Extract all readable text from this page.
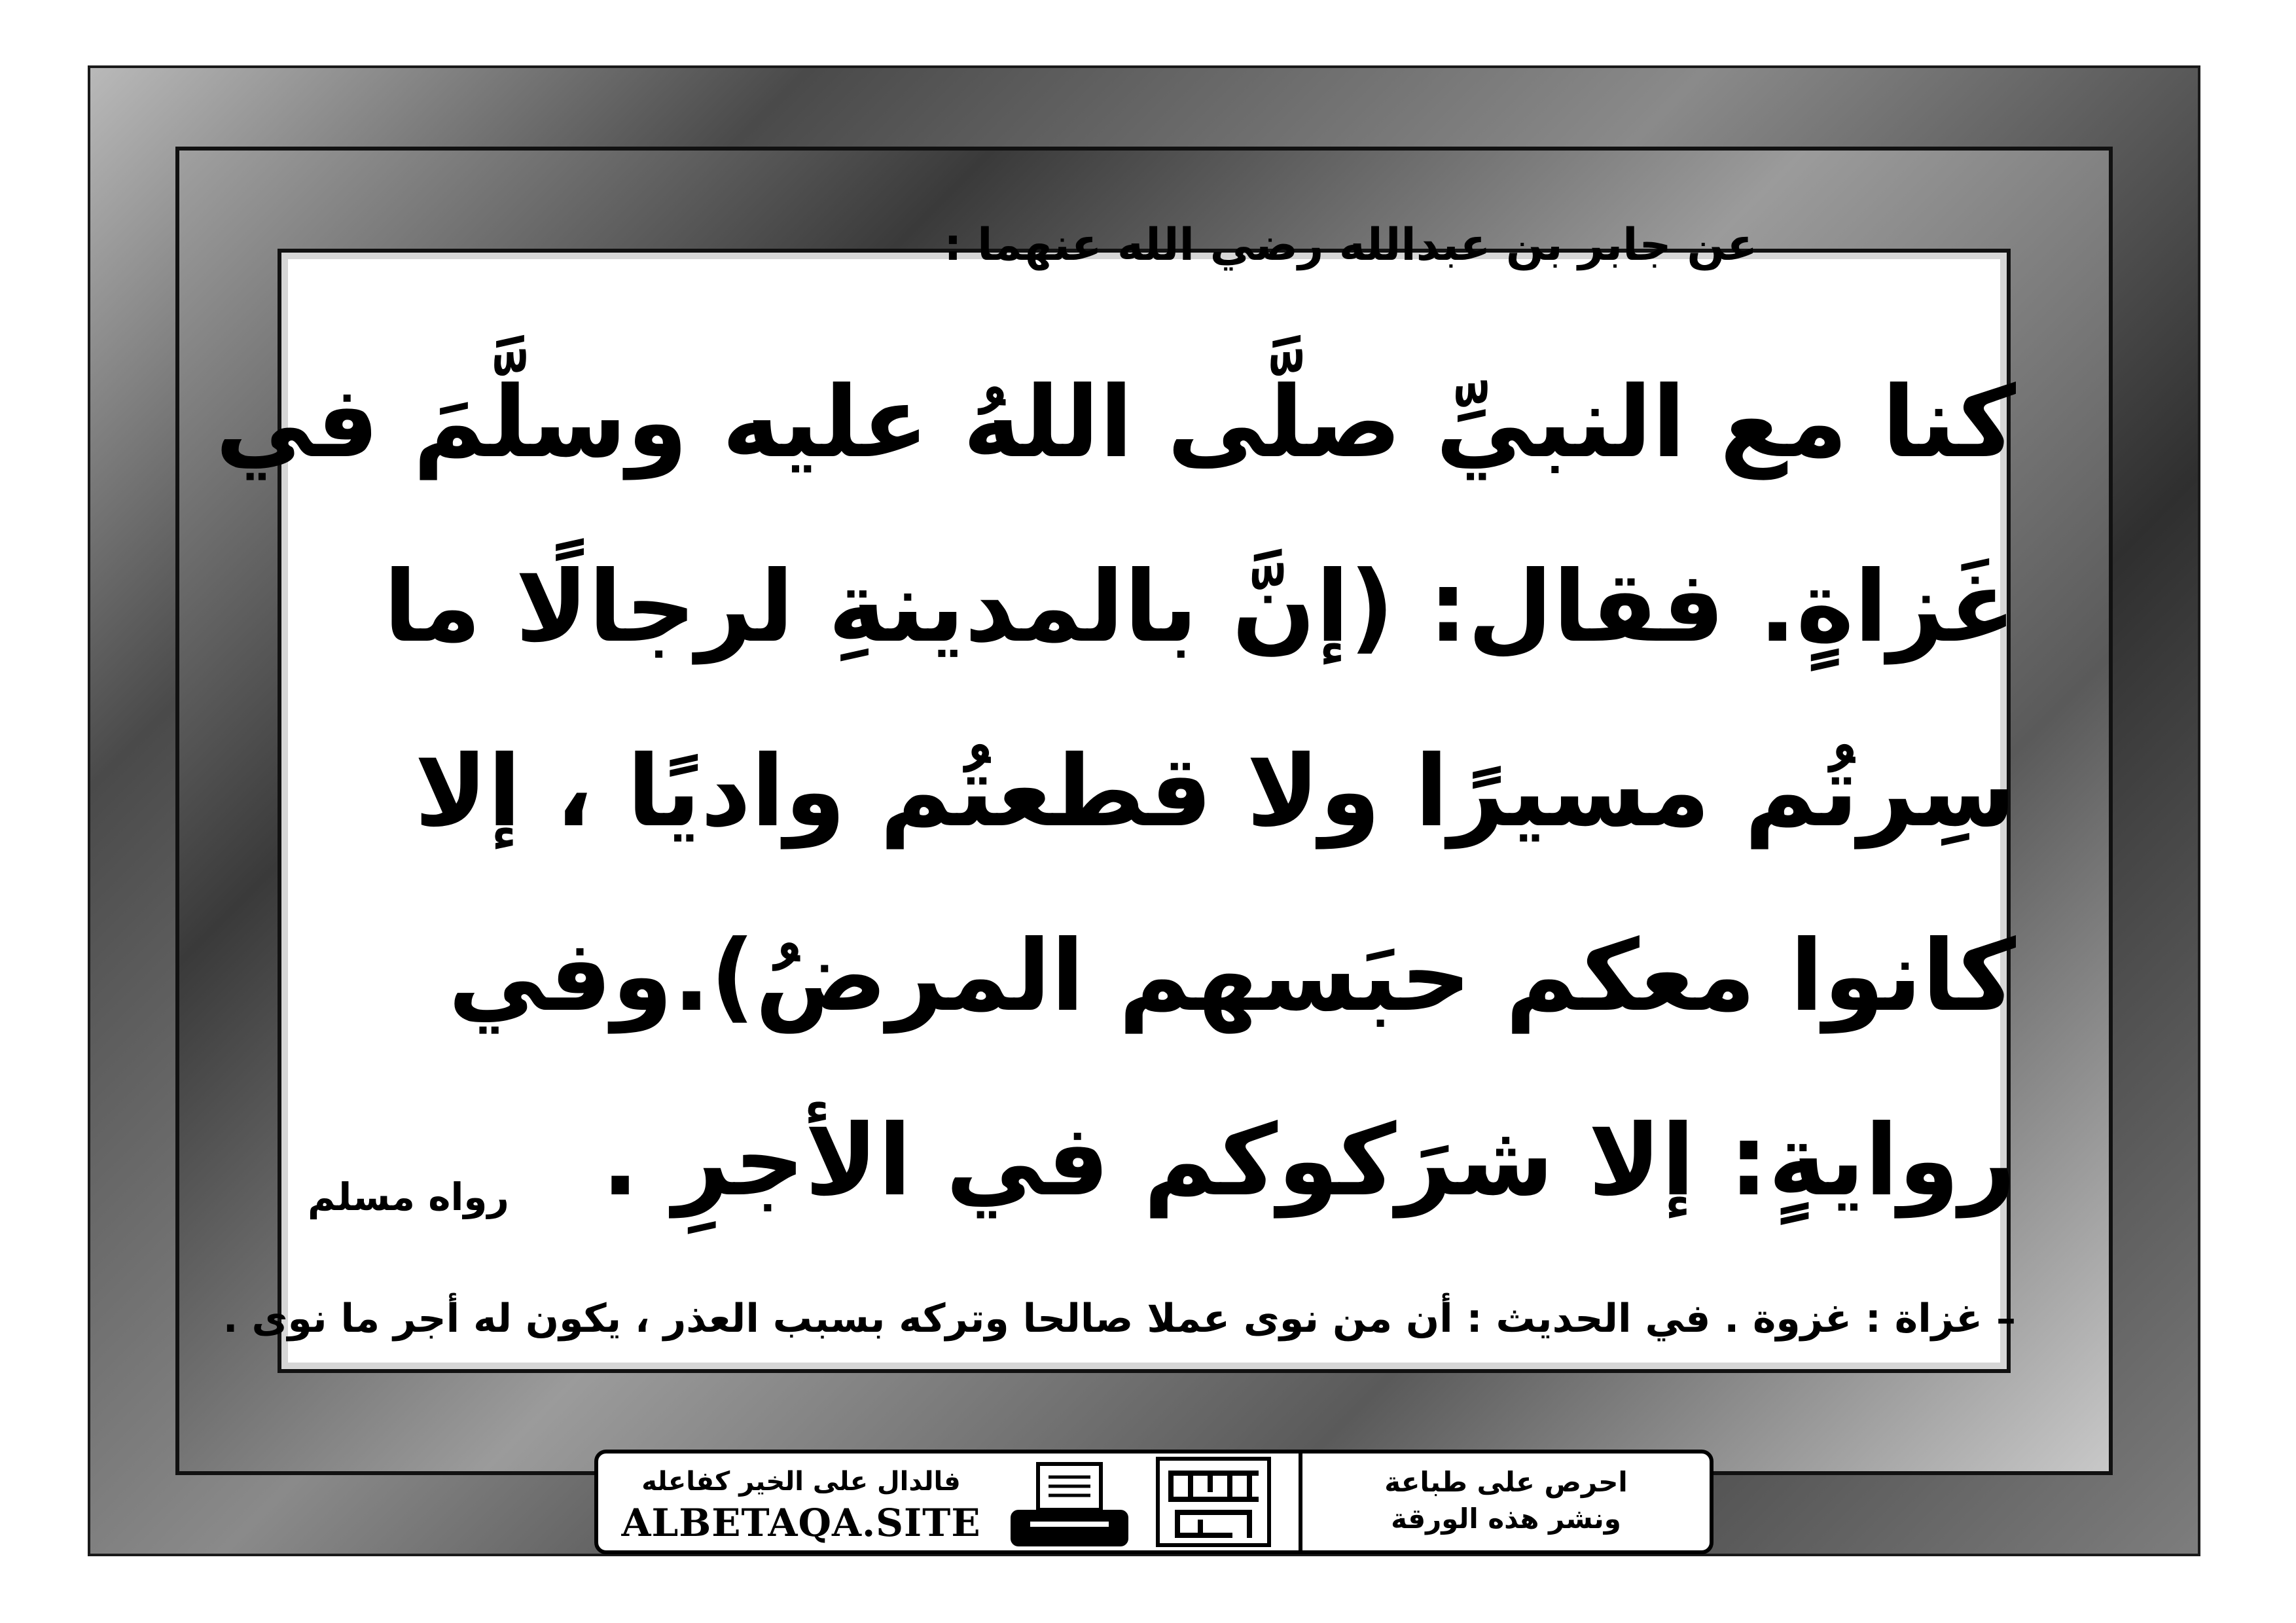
عن جابر بن عبدالله رضي الله عنهما :
كنا مع النبيِّ صلَّى اللهُ عليه وسلَّمَ في غَزاةٍ. فقال: (إنَّ بالمدينةِ لرجالًا ما سِرتُم مسيرًا ولا قطعتُم واديًا ، إلا كانوا معكم حبَسهم المرضُ).وفي روايةٍ: إلا شرَكوكم في الأجرِ .
رواه مسلم
– غزاة : غزوة . في الحديث : أن من نوى عملا صالحا وتركه بسبب العذر ، يكون له أجر ما نوى .
فالدال على الخير كفاعله
ALBETAQA.SITE
احرص على طباعة
ونشر هذه الورقة
